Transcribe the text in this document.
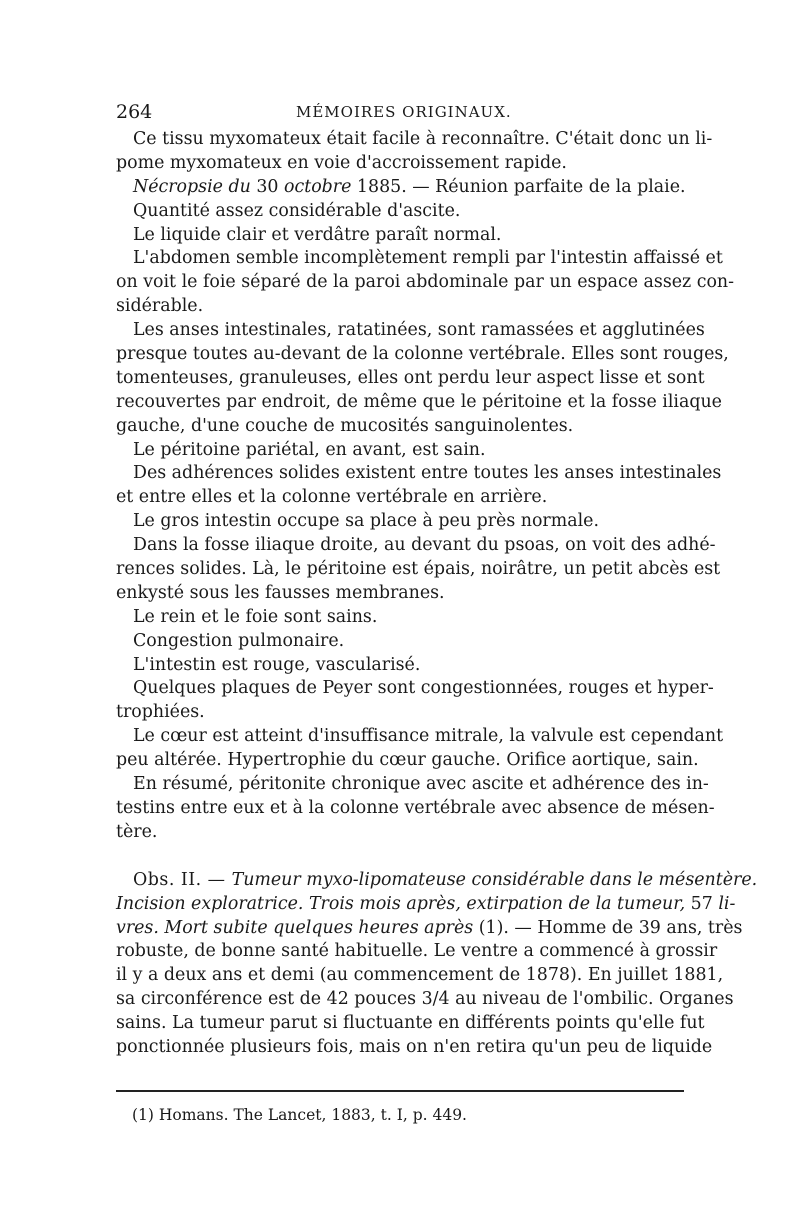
264	MÉMOIRES ORIGINAUX.
Ce tissu myxomateux était facile à reconnaître. C'était donc un li-
pome myxomateux en voie d'accroissement rapide.
Nécropsie du 30 octobre 1885. — Réunion parfaite de la plaie.
Quantité assez considérable d'ascite.
Le liquide clair et verdâtre paraît normal.
L'abdomen semble incomplètement rempli par l'intestin affaissé et
on voit le foie séparé de la paroi abdominale par un espace assez con-
sidérable.
Les anses intestinales, ratatinées, sont ramassées et agglutinées
presque toutes au-devant de la colonne vertébrale. Elles sont rouges,
tomenteuses, granuleuses, elles ont perdu leur aspect lisse et sont
recouvertes par endroit, de même que le péritoine et la fosse iliaque
gauche, d'une couche de mucosités sanguinolentes.
Le péritoine pariétal, en avant, est sain.
Des adhérences solides existent entre toutes les anses intestinales
et entre elles et la colonne vertébrale en arrière.
Le gros intestin occupe sa place à peu près normale.
Dans la fosse iliaque droite, au devant du psoas, on voit des adhé-
rences solides. Là, le péritoine est épais, noirâtre, un petit abcès est
enkysté sous les fausses membranes.
Le rein et le foie sont sains.
Congestion pulmonaire.
L'intestin est rouge, vascularisé.
Quelques plaques de Peyer sont congestionnées, rouges et hyper-
trophiées.
Le cœur est atteint d'insuffisance mitrale, la valvule est cependant
peu altérée. Hypertrophie du cœur gauche. Orifice aortique, sain.
En résumé, péritonite chronique avec ascite et adhérence des in-
testins entre eux et à la colonne vertébrale avec absence de mésen-
tère.
Obs. II. — Tumeur myxo-lipomateuse considérable dans le mésentère.
Incision exploratrice. Trois mois après, extirpation de la tumeur, 57 li-
vres. Mort subite quelques heures après (1). — Homme de 39 ans, très
robuste, de bonne santé habituelle. Le ventre a commencé à grossir
il y a deux ans et demi (au commencement de 1878). En juillet 1881,
sa circonférence est de 42 pouces 3/4 au niveau de l'ombilic. Organes
sains. La tumeur parut si fluctuante en différents points qu'elle fut
ponctionnée plusieurs fois, mais on n'en retira qu'un peu de liquide
(1) Homans. The Lancet, 1883, t. I, p. 449.
